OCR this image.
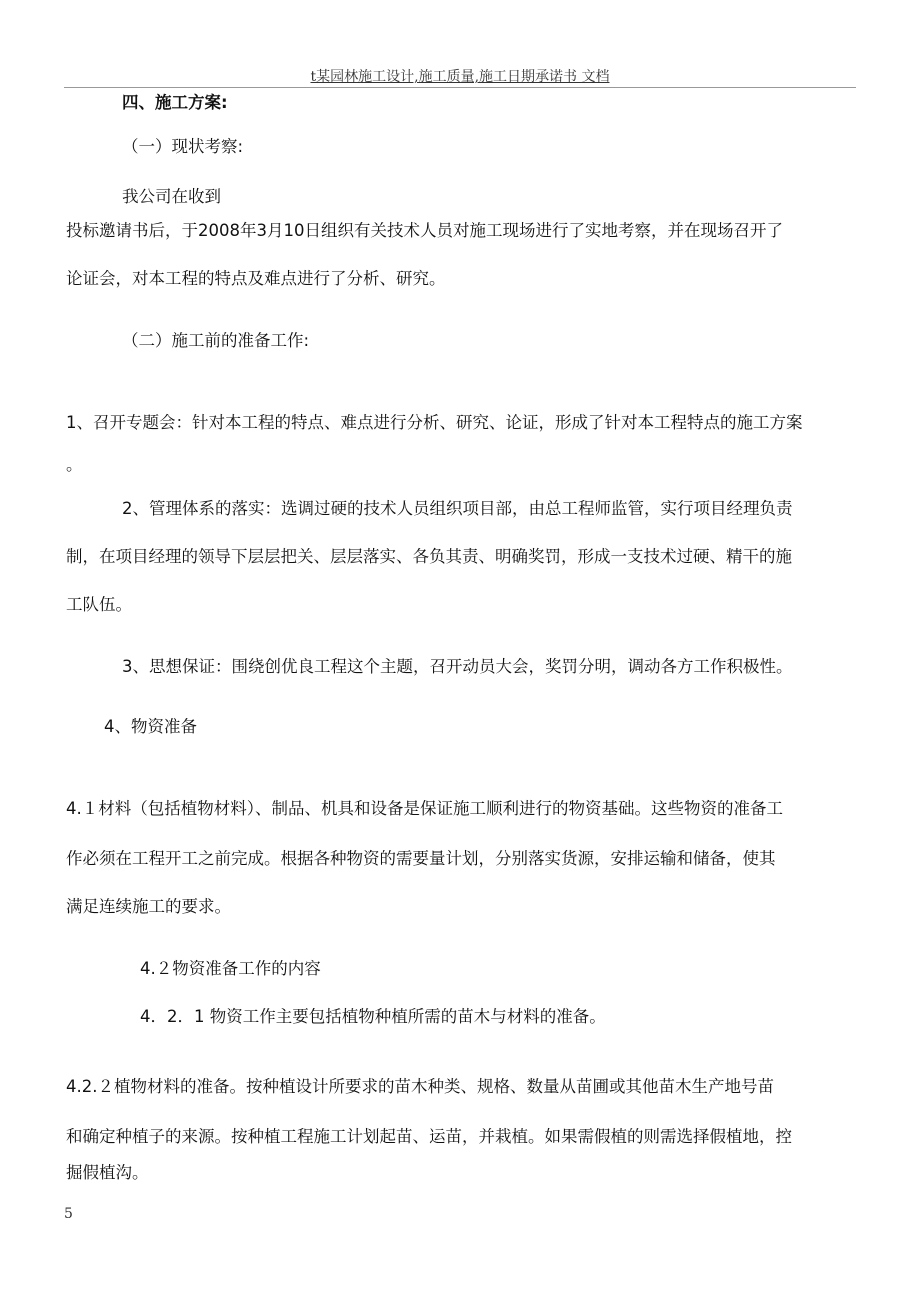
t某园林施工设计,施工质量,施工日期承诺书 文档
四、施工方案:
（一）现状考察:
我公司在收到
投标邀请书后，于2008年3月10日组织有关技术人员对施工现场进行了实地考察，并在现场召开了
论证会，对本工程的特点及难点进行了分析、研究。
（二）施工前的准备工作:
1、召开专题会：针对本工程的特点、难点进行分析、研究、论证，形成了针对本工程特点的施工方案
。
2、管理体系的落实：选调过硬的技术人员组织项目部，由总工程师监管，实行项目经理负责
制，在项目经理的领导下层层把关、层层落实、各负其责、明确奖罚，形成一支技术过硬、精干的施
工队伍。
3、思想保证：围绕创优良工程这个主题，召开动员大会，奖罚分明，调动各方工作积极性。
4、物资准备
4.１材料（包括植物材料）、制品、机具和设备是保证施工顺利进行的物资基础。这些物资的准备工
作必须在工程开工之前完成。根据各种物资的需要量计划，分别落实货源，安排运输和储备，使其
满足连续施工的要求。
4.２物资准备工作的内容
4．2．1 物资工作主要包括植物种植所需的苗木与材料的准备。
4.2.２植物材料的准备。按种植设计所要求的苗木种类、规格、数量从苗圃或其他苗木生产地号苗
和确定种植子的来源。按种植工程施工计划起苗、运苗，并栽植。如果需假植的则需选择假植地，控
掘假植沟。
5
